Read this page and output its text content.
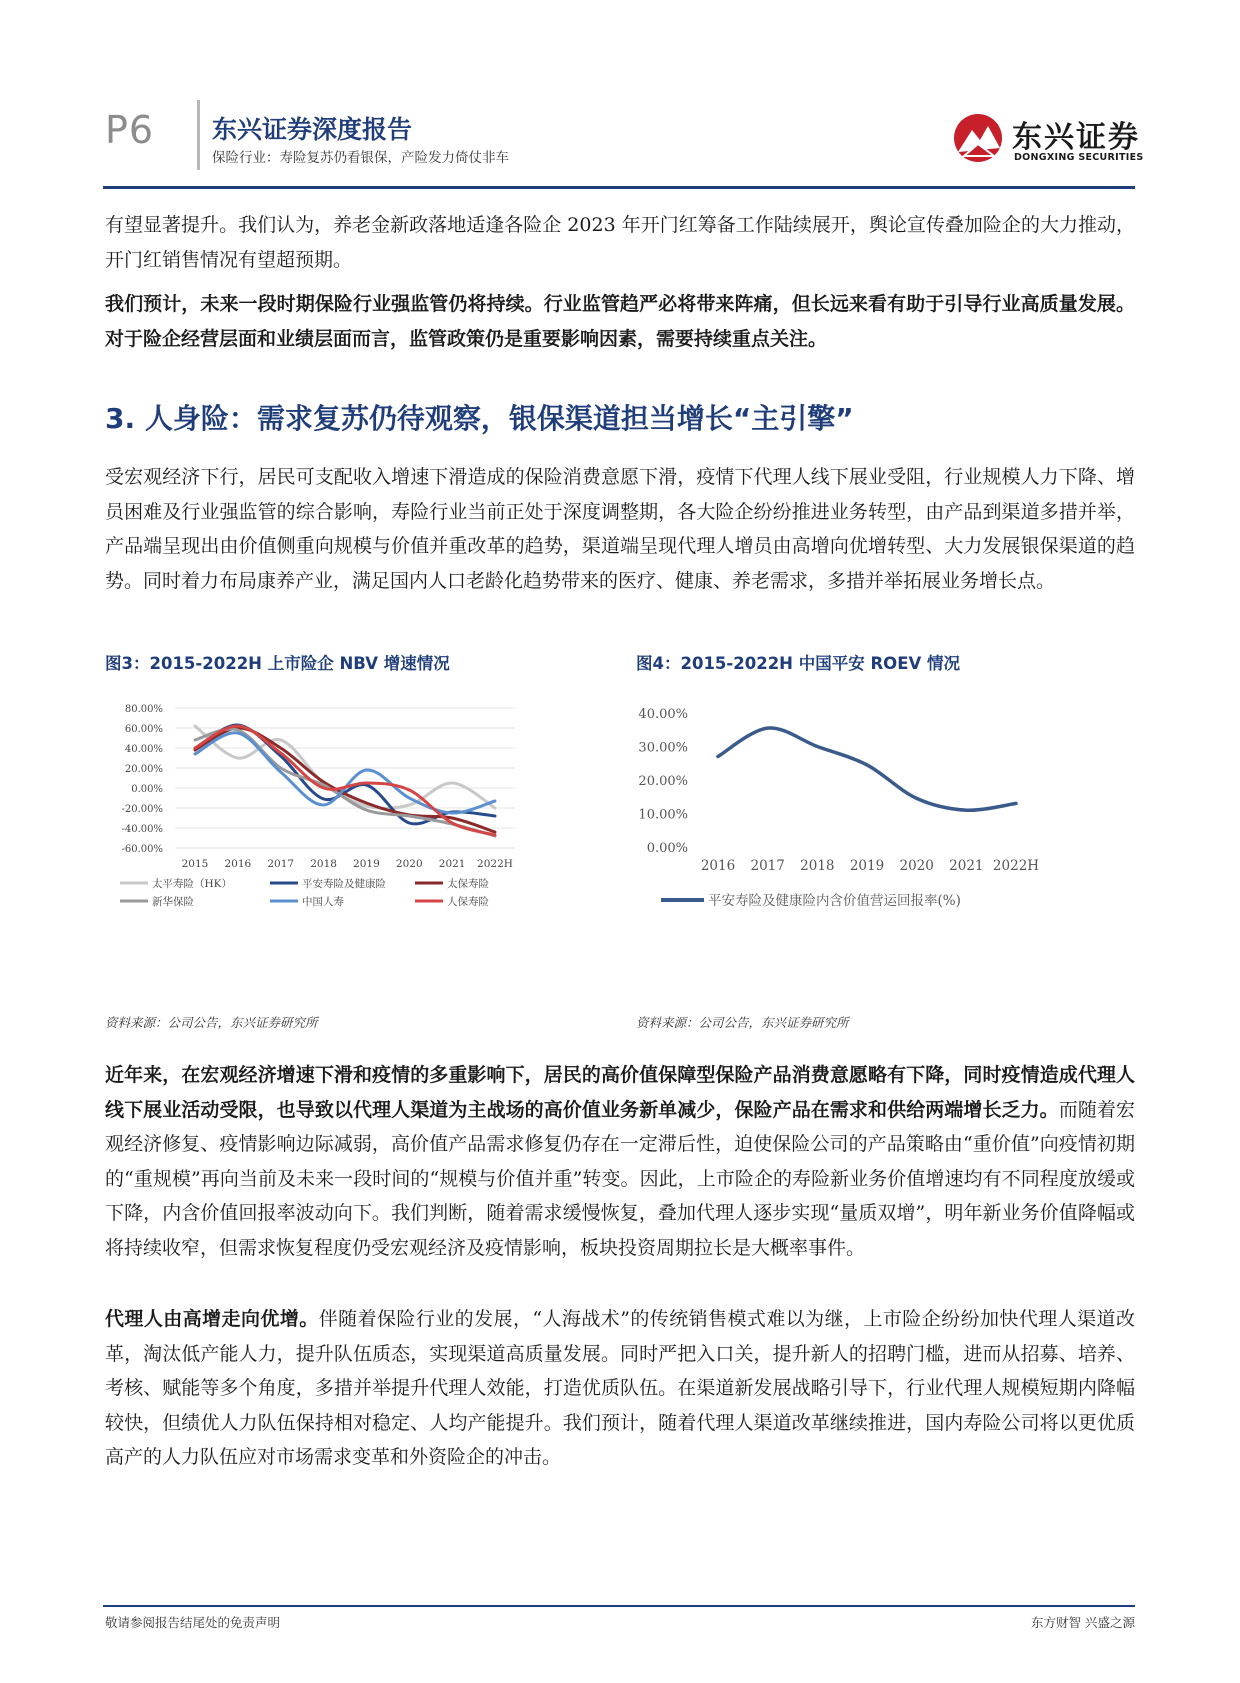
P6 东兴证券深度报告
保险行业：寿险复苏仍看银保，产险发力倚仗非车
东兴证券
DONGXING SECURITIES

有望显著提升。我们认为，养老金新政落地适逢各险企 2023 年开门红筹备工作陆续展开，舆论宣传叠加险企的大力推动，开门红销售情况有望超预期。

我们预计，未来一段时期保险行业强监管仍将持续。行业监管趋严必将带来阵痛，但长远来看有助于引导行业高质量发展。对于险企经营层面和业绩层面而言，监管政策仍是重要影响因素，需要持续重点关注。

3. 人身险：需求复苏仍待观察，银保渠道担当增长“主引擎”

受宏观经济下行，居民可支配收入增速下滑造成的保险消费意愿下滑，疫情下代理人线下展业受阻，行业规模人力下降、增员困难及行业强监管的综合影响，寿险行业当前正处于深度调整期，各大险企纷纷推进业务转型，由产品到渠道多措并举，产品端呈现出由价值侧重向规模与价值并重改革的趋势，渠道端呈现代理人增员由高增向优增转型、大力发展银保渠道的趋势。同时着力布局康养产业，满足国内人口老龄化趋势带来的医疗、健康、养老需求，多措并举拓展业务增长点。

图3：2015-2022H 上市险企 NBV 增速情况
80.00%
60.00%
40.00%
20.00%
0.00%
-20.00%
-40.00%
-60.00%
2015 2016 2017 2018 2019 2020 2021 2022H
太平寿险（HK）	平安寿险及健康险	太保寿险
新华保险	中国人寿	人保寿险
资料来源：公司公告，东兴证券研究所
图4：2015-2022H 中国平安 ROEV 情况
40.00%
30.00%
20.00%
10.00%
0.00%
2016 2017 2018 2019 2020 2021 2022H
平安寿险及健康险内含价值营运回报率(%)
资料来源：公司公告，东兴证券研究所

近年来，在宏观经济增速下滑和疫情的多重影响下，居民的高价值保障型保险产品消费意愿略有下降，同时疫情造成代理人线下展业活动受限，也导致以代理人渠道为主战场的高价值业务新单减少，保险产品在需求和供给两端增长乏力。而随着宏观经济修复、疫情影响边际减弱，高价值产品需求修复仍存在一定滞后性，迫使保险公司的产品策略由“重价值”向疫情初期的“重规模”再向当前及未来一段时间的“规模与价值并重”转变。因此，上市险企的寿险新业务价值增速均有不同程度放缓或下降，内含价值回报率波动向下。我们判断，随着需求缓慢恢复，叠加代理人逐步实现“量质双增”，明年新业务价值降幅或将持续收窄，但需求恢复程度仍受宏观经济及疫情影响，板块投资周期拉长是大概率事件。

代理人由高增走向优增。伴随着保险行业的发展，“人海战术”的传统销售模式难以为继，上市险企纷纷加快代理人渠道改革，淘汰低产能人力，提升队伍质态，实现渠道高质量发展。同时严把入口关，提升新人的招聘门槛，进而从招募、培养、考核、赋能等多个角度，多措并举提升代理人效能，打造优质队伍。在渠道新发展战略引导下，行业代理人规模短期内降幅较快，但绩优人力队伍保持相对稳定、人均产能提升。我们预计，随着代理人渠道改革继续推进，国内寿险公司将以更优质高产的人力队伍应对市场需求变革和外资险企的冲击。

敬请参阅报告结尾处的免责声明	东方财智 兴盛之源
